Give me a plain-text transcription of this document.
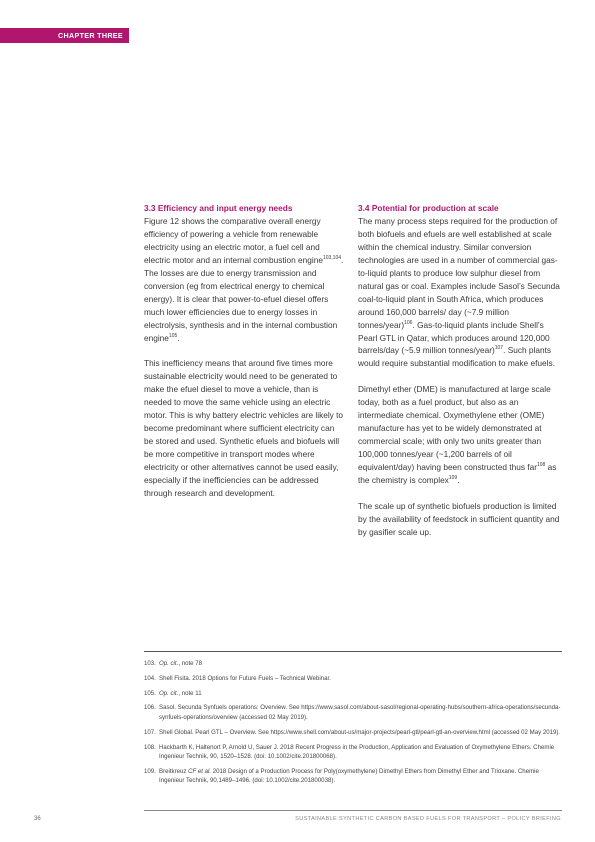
CHAPTER THREE
3.3 Efficiency and input energy needs

Figure 12 shows the comparative overall energy efficiency of powering a vehicle from renewable electricity using an electric motor, a fuel cell and electric motor and an internal combustion engine$^{103,104}$. The losses are due to energy transmission and conversion (eg from electrical energy to chemical energy). It is clear that power-to-efuel diesel offers much lower efficiencies due to energy losses in electrolysis, synthesis and in the internal combustion engine$^{105}$.

This inefficiency means that around five times more sustainable electricity would need to be generated to make the efuel diesel to move a vehicle, than is needed to move the same vehicle using an electric motor. This is why battery electric vehicles are likely to become predominant where sufficient electricity can be stored and used. Synthetic efuels and biofuels will be more competitive in transport modes where electricity or other alternatives cannot be used easily, especially if the inefficiencies can be addressed through research and development.

3.4 Potential for production at scale

The many process steps required for the production of both biofuels and efuels are well established at scale within the chemical industry. Similar conversion technologies are used in a number of commercial gas-to-liquid plants to produce low sulphur diesel from natural gas or coal. Examples include Sasol’s Secunda coal-to-liquid plant in South Africa, which produces around 160,000 barrels/ day (~7.9 million tonnes/year)$^{106}$. Gas-to-liquid plants include Shell’s Pearl GTL in Qatar, which produces around 120,000 barrels/day (~5.9 million tonnes/year)$^{107}$. Such plants would require substantial modification to make efuels.

Dimethyl ether (DME) is manufactured at large scale today, both as a fuel product, but also as an intermediate chemical. Oxymethylene ether (OME) manufacture has yet to be widely demonstrated at commercial scale; with only two units greater than 100,000 tonnes/year (~1,200 barrels of oil equivalent/day) having been constructed thus far$^{108}$ as the chemistry is complex$^{109}$.

The scale up of synthetic biofuels production is limited by the availability of feedstock in sufficient quantity and by gasifier scale up.

103. Op. cit., note 78
104. Shell Fisita. 2018 Options for Future Fuels – Technical Webinar.
105. Op. cit., note 11
106. Sasol. Secunda Synfuels operations: Overview. See https://www.sasol.com/about-sasol/regional-operating-hubs/southern-africa-operations/secunda-synfuels-operations/overview (accessed 02 May 2019).
107. Shell Global. Pearl GTL – Overview. See https://www.shell.com/about-us/major-projects/pearl-gtl/pearl-gtl-an-overview.html (accessed 02 May 2019).
108. Hackbarth K, Haltenort P, Arnold U, Sauer J. 2018 Recent Progress in the Production, Application and Evaluation of Oxymethylene Ethers. Chemie Ingenieur Technik, 90, 1520–1528. (doi: 10.1002/cite.201800068).
109. Breitkreuz CF et al. 2018 Design of a Production Process for Poly(oxymethylene) Dimethyl Ethers from Dimethyl Ether and Trioxane. Chemie Ingenieur Technik, 90,1489–1496. (doi: 10.1002/cite.201800038).
36	SUSTAINABLE SYNTHETIC CARBON BASED FUELS FOR TRANSPORT – POLICY BRIEFING
